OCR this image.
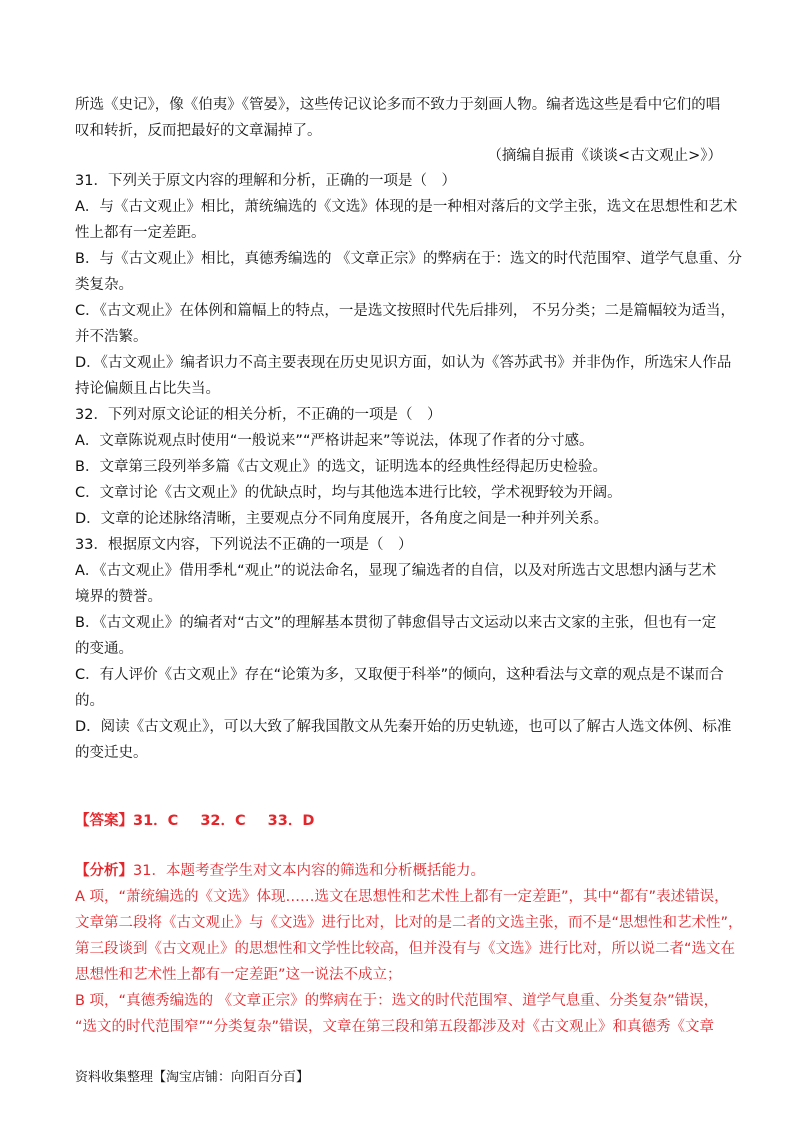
所选《史记》，像《伯夷》《管晏》，这些传记议论多而不致力于刻画人物。编者选这些是看中它们的唱
叹和转折，反而把最好的文章漏掉了。
（摘编自振甫《谈谈<古文观止>》）
31．下列关于原文内容的理解和分析，正确的一项是（　）
A．与《古文观止》相比，萧统编选的《文选》体现的是一种相对落后的文学主张，选文在思想性和艺术
性上都有一定差距。
B．与《古文观止》相比，真德秀编选的 《文章正宗》的弊病在于：选文的时代范围窄、道学气息重、分
类复杂。
C．《古文观止》在体例和篇幅上的特点，一是选文按照时代先后排列， 不另分类；二是篇幅较为适当，
并不浩繁。
D．《古文观止》编者识力不高主要表现在历史见识方面，如认为《答苏武书》并非伪作，所选宋人作品
持论偏颇且占比失当。
32．下列对原文论证的相关分析，不正确的一项是（　）
A．文章陈说观点时使用“一般说来”“严格讲起来”等说法，体现了作者的分寸感。
B．文章第三段列举多篇《古文观止》的选文，证明选本的经典性经得起历史检验。
C．文章讨论《古文观止》的优缺点时，均与其他选本进行比较，学术视野较为开阔。
D．文章的论述脉络清晰，主要观点分不同角度展开，各角度之间是一种并列关系。
33．根据原文内容，下列说法不正确的一项是（　）
A．《古文观止》借用季札“观止”的说法命名，显现了编选者的自信，以及对所选古文思想内涵与艺术
境界的赞誉。
B．《古文观止》的编者对“古文”的理解基本贯彻了韩愈倡导古文运动以来古文家的主张，但也有一定
的变通。
C．有人评价《古文观止》存在“论策为多，又取便于科举”的倾向，这种看法与文章的观点是不谋而合
的。
D．阅读《古文观止》，可以大致了解我国散文从先秦开始的历史轨迹，也可以了解古人选文体例、标准
的变迁史。
【答案】31．C 32．C 33．D
【分析】31．本题考查学生对文本内容的筛选和分析概括能力。
A 项，“萧统编选的《文选》体现……选文在思想性和艺术性上都有一定差距”，其中“都有”表述错误，
文章第二段将《古文观止》与《文选》进行比对，比对的是二者的文选主张，而不是“思想性和艺术性”，
第三段谈到《古文观止》的思想性和文学性比较高，但并没有与《文选》进行比对，所以说二者“选文在
思想性和艺术性上都有一定差距”这一说法不成立；
B 项，“真德秀编选的 《文章正宗》的弊病在于：选文的时代范围窄、道学气息重、分类复杂”错误，
“选文的时代范围窄”“分类复杂”错误，文章在第三段和第五段都涉及对《古文观止》和真德秀《文章
资料收集整理【淘宝店铺：向阳百分百】
